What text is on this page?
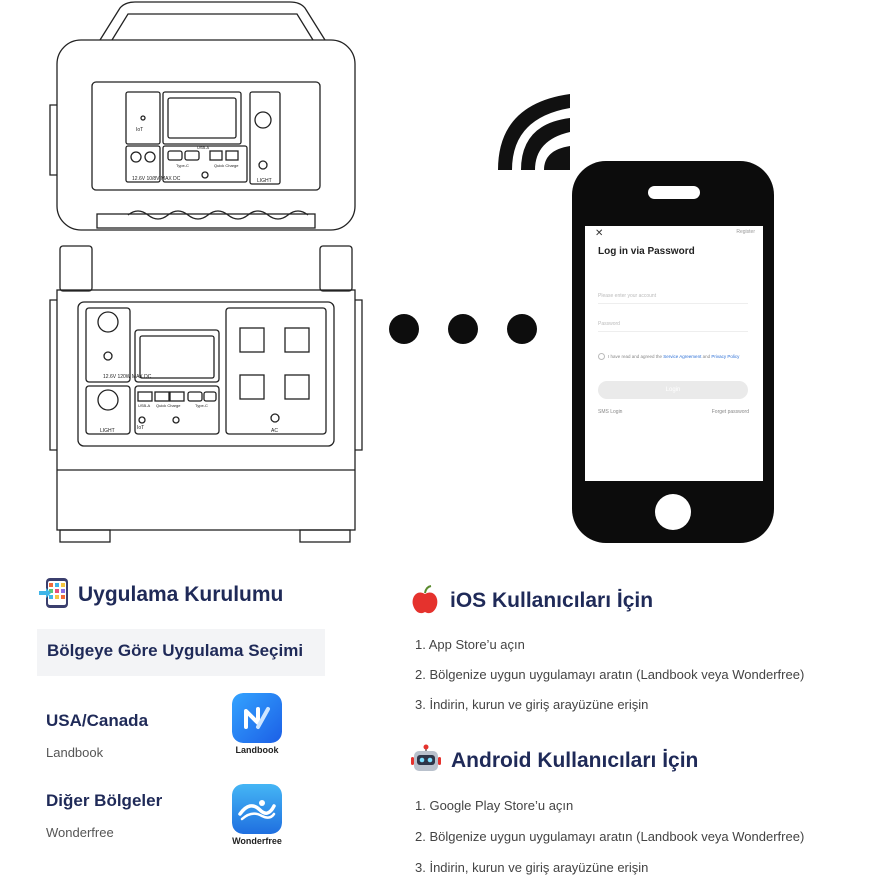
12.6V 10/8V MAX DC
12.6V 120W MAX DC
IoT
Type-C	Quick Charge
USB-A
LIGHT
LIGHT	IoT
USB-A Quick Charge	Type-C
AC
✕	Register
Log in via Password
Please enter your account
Password
I have read and agreed the Service Agreement and Privacy Policy
Login
SMS Login	Forget password
Uygulama Kurulumu
Bölgeye Göre Uygulama Seçimi
USA/Canada
Landbook
Diğer Bölgeler
Wonderfree
Landbook
Wonderfree
iOS Kullanıcıları İçin
1. App Store’u açın
2. Bölgenize uygun uygulamayı aratın (Landbook veya Wonderfree)
3. İndirin, kurun ve giriş arayüzüne erişin
Android Kullanıcıları İçin
1. Google Play Store’u açın
2. Bölgenize uygun uygulamayı aratın (Landbook veya Wonderfree)
3. İndirin, kurun ve giriş arayüzüne erişin
